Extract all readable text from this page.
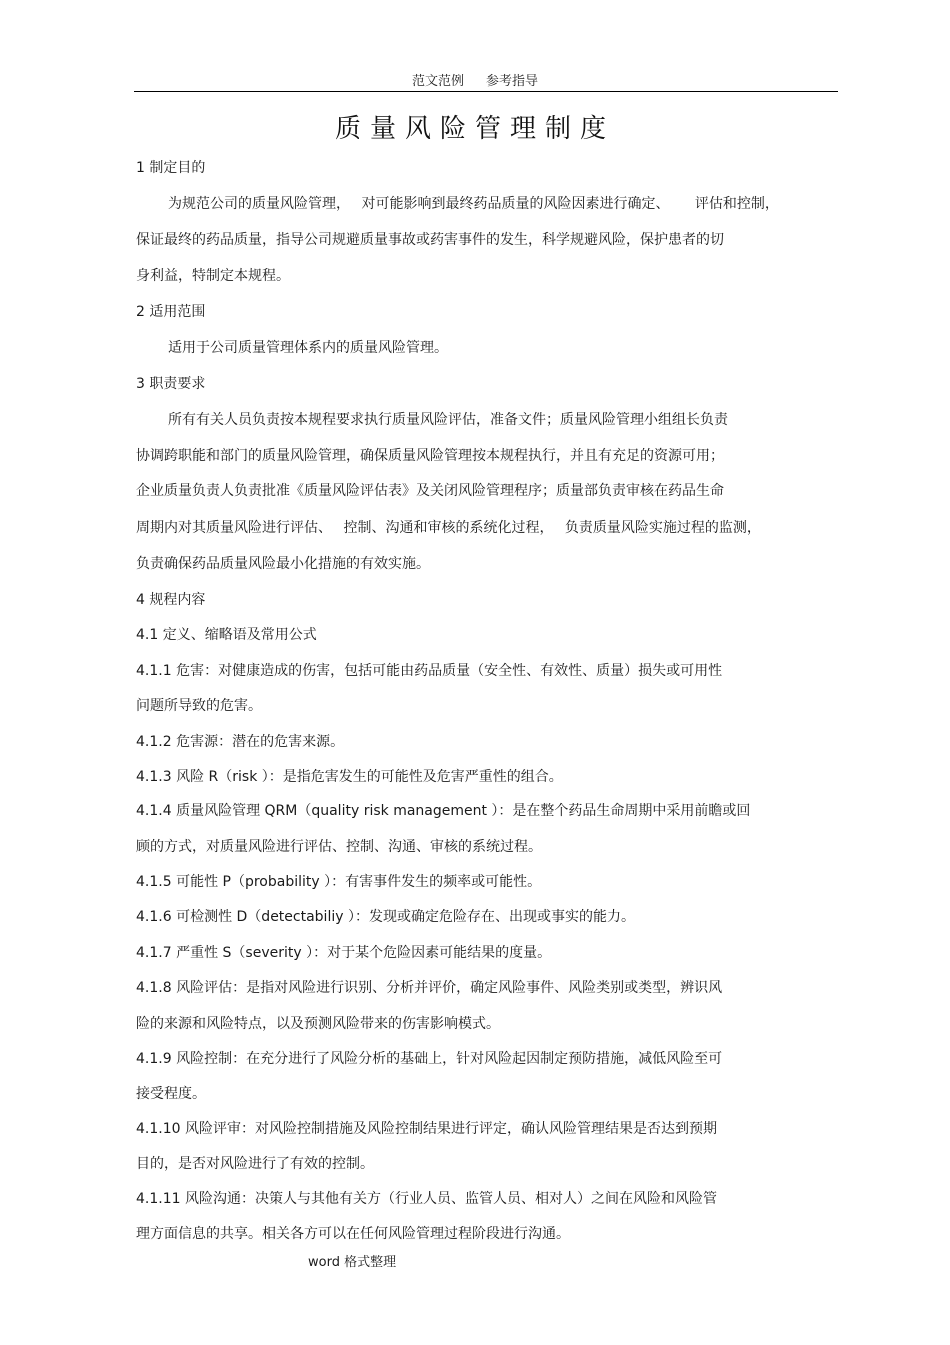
范文范例 参考指导
质量风险管理制度
1 制定目的
为规范公司的质量风险管理，　 对可能影响到最终药品质量的风险因素进行确定、　　 评估和控制，
保证最终的药品质量，指导公司规避质量事故或药害事件的发生，科学规避风险，保护患者的切
身利益，特制定本规程。
2 适用范围
适用于公司质量管理体系内的质量风险管理。
3 职责要求
所有有关人员负责按本规程要求执行质量风险评估，准备文件；质量风险管理小组组长负责
协调跨职能和部门的质量风险管理，确保质量风险管理按本规程执行，并且有充足的资源可用；
企业质量负责人负责批准《质量风险评估表》及关闭风险管理程序；质量部负责审核在药品生命
周期内对其质量风险进行评估、　 控制、沟通和审核的系统化过程，　 负责质量风险实施过程的监测，
负责确保药品质量风险最小化措施的有效实施。
4 规程内容
4.1 定义、缩略语及常用公式
4.1.1 危害：对健康造成的伤害，包括可能由药品质量（安全性、有效性、质量）损失或可用性
问题所导致的危害。
4.1.2 危害源：潜在的危害来源。
4.1.3 风险 R（risk ）：是指危害发生的可能性及危害严重性的组合。
4.1.4 质量风险管理 QRM（quality risk management ）：是在整个药品生命周期中采用前瞻或回
顾的方式，对质量风险进行评估、控制、沟通、审核的系统过程。
4.1.5 可能性 P（probability ）：有害事件发生的频率或可能性。
4.1.6 可检测性 D（detectabiliy ）：发现或确定危险存在、出现或事实的能力。
4.1.7 严重性 S（severity ）：对于某个危险因素可能结果的度量。
4.1.8 风险评估：是指对风险进行识别、分析并评价，确定风险事件、风险类别或类型，辨识风
险的来源和风险特点，以及预测风险带来的伤害影响模式。
4.1.9 风险控制：在充分进行了风险分析的基础上，针对风险起因制定预防措施，减低风险至可
接受程度。
4.1.10 风险评审：对风险控制措施及风险控制结果进行评定，确认风险管理结果是否达到预期
目的，是否对风险进行了有效的控制。
4.1.11 风险沟通：决策人与其他有关方（行业人员、监管人员、相对人）之间在风险和风险管
理方面信息的共享。相关各方可以在任何风险管理过程阶段进行沟通。
word 格式整理
